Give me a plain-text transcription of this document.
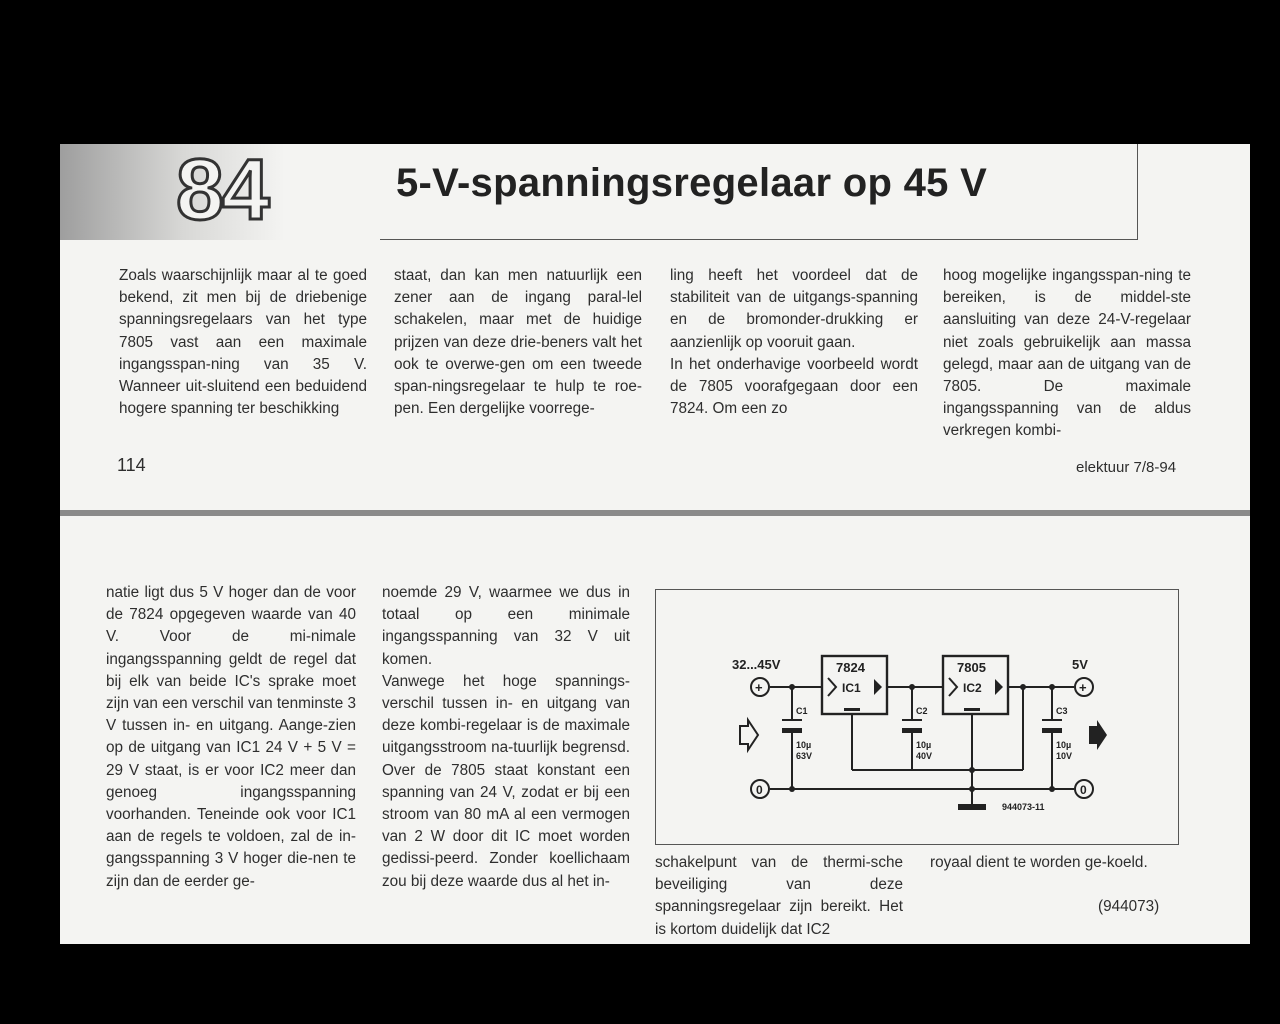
84	5-V-spanningsregelaar op 45 V

Zoals waarschijnlijk maar al te goed bekend, zit men bij de driebenige spanningsregelaars van het type 7805 vast aan een maximale ingangsspan-ning van 35 V. Wanneer uit-sluitend een beduidend hogere spanning ter beschikking

staat, dan kan men natuurlijk een zener aan de ingang paral-lel schakelen, maar met de huidige prijzen van deze drie-beners valt het ook te overwe-gen om een tweede span-ningsregelaar te hulp te roe-pen. Een dergelijke voorrege-

ling heeft het voordeel dat de stabiliteit van de uitgangs-spanning en de bromonder-drukking er aanzienlijk op vooruit gaan.

In het onderhavige voorbeeld wordt de 7805 voorafgegaan door een 7824. Om een zo

hoog mogelijke ingangsspan-ning te bereiken, is de middel-ste aansluiting van deze 24-V-regelaar niet zoals gebruikelijk aan massa gelegd, maar aan de uitgang van de 7805. De maximale ingangsspanning van de aldus verkregen kombi-

114	elektuur 7/8-94

natie ligt dus 5 V hoger dan de voor de 7824 opgegeven waarde van 40 V. Voor de mi-nimale ingangsspanning geldt de regel dat bij elk van beide IC's sprake moet zijn van een verschil van tenminste 3 V tussen in- en uitgang. Aange-zien op de uitgang van IC1 24 V + 5 V = 29 V staat, is er voor IC2 meer dan genoeg ingangsspanning voorhanden. Teneinde ook voor IC1 aan de regels te voldoen, zal de in-gangsspanning 3 V hoger die-nen te zijn dan de eerder ge-

noemde 29 V, waarmee we dus in totaal op een minimale ingangsspanning van 32 V uit komen.

Vanwege het hoge spannings-verschil tussen in- en uitgang van deze kombi-regelaar is de maximale uitgangsstroom na-tuurlijk begrensd. Over de 7805 staat konstant een spanning van 24 V, zodat er bij een stroom van 80 mA al een vermogen van 2 W door dit IC moet worden gedissi-peerd. Zonder koellichaam zou bij deze waarde dus al het in-

schakelpunt van de thermi-sche beveiliging van deze spanningsregelaar zijn bereikt. Het is kortom duidelijk dat IC2

royaal dient te worden ge-koeld.

(944073)
32...45V	5V
+	+
0	0
7824
IC1
7805
IC2
C1
10µ
63V
C2
10µ
40V
C3
10µ
10V
944073-11
